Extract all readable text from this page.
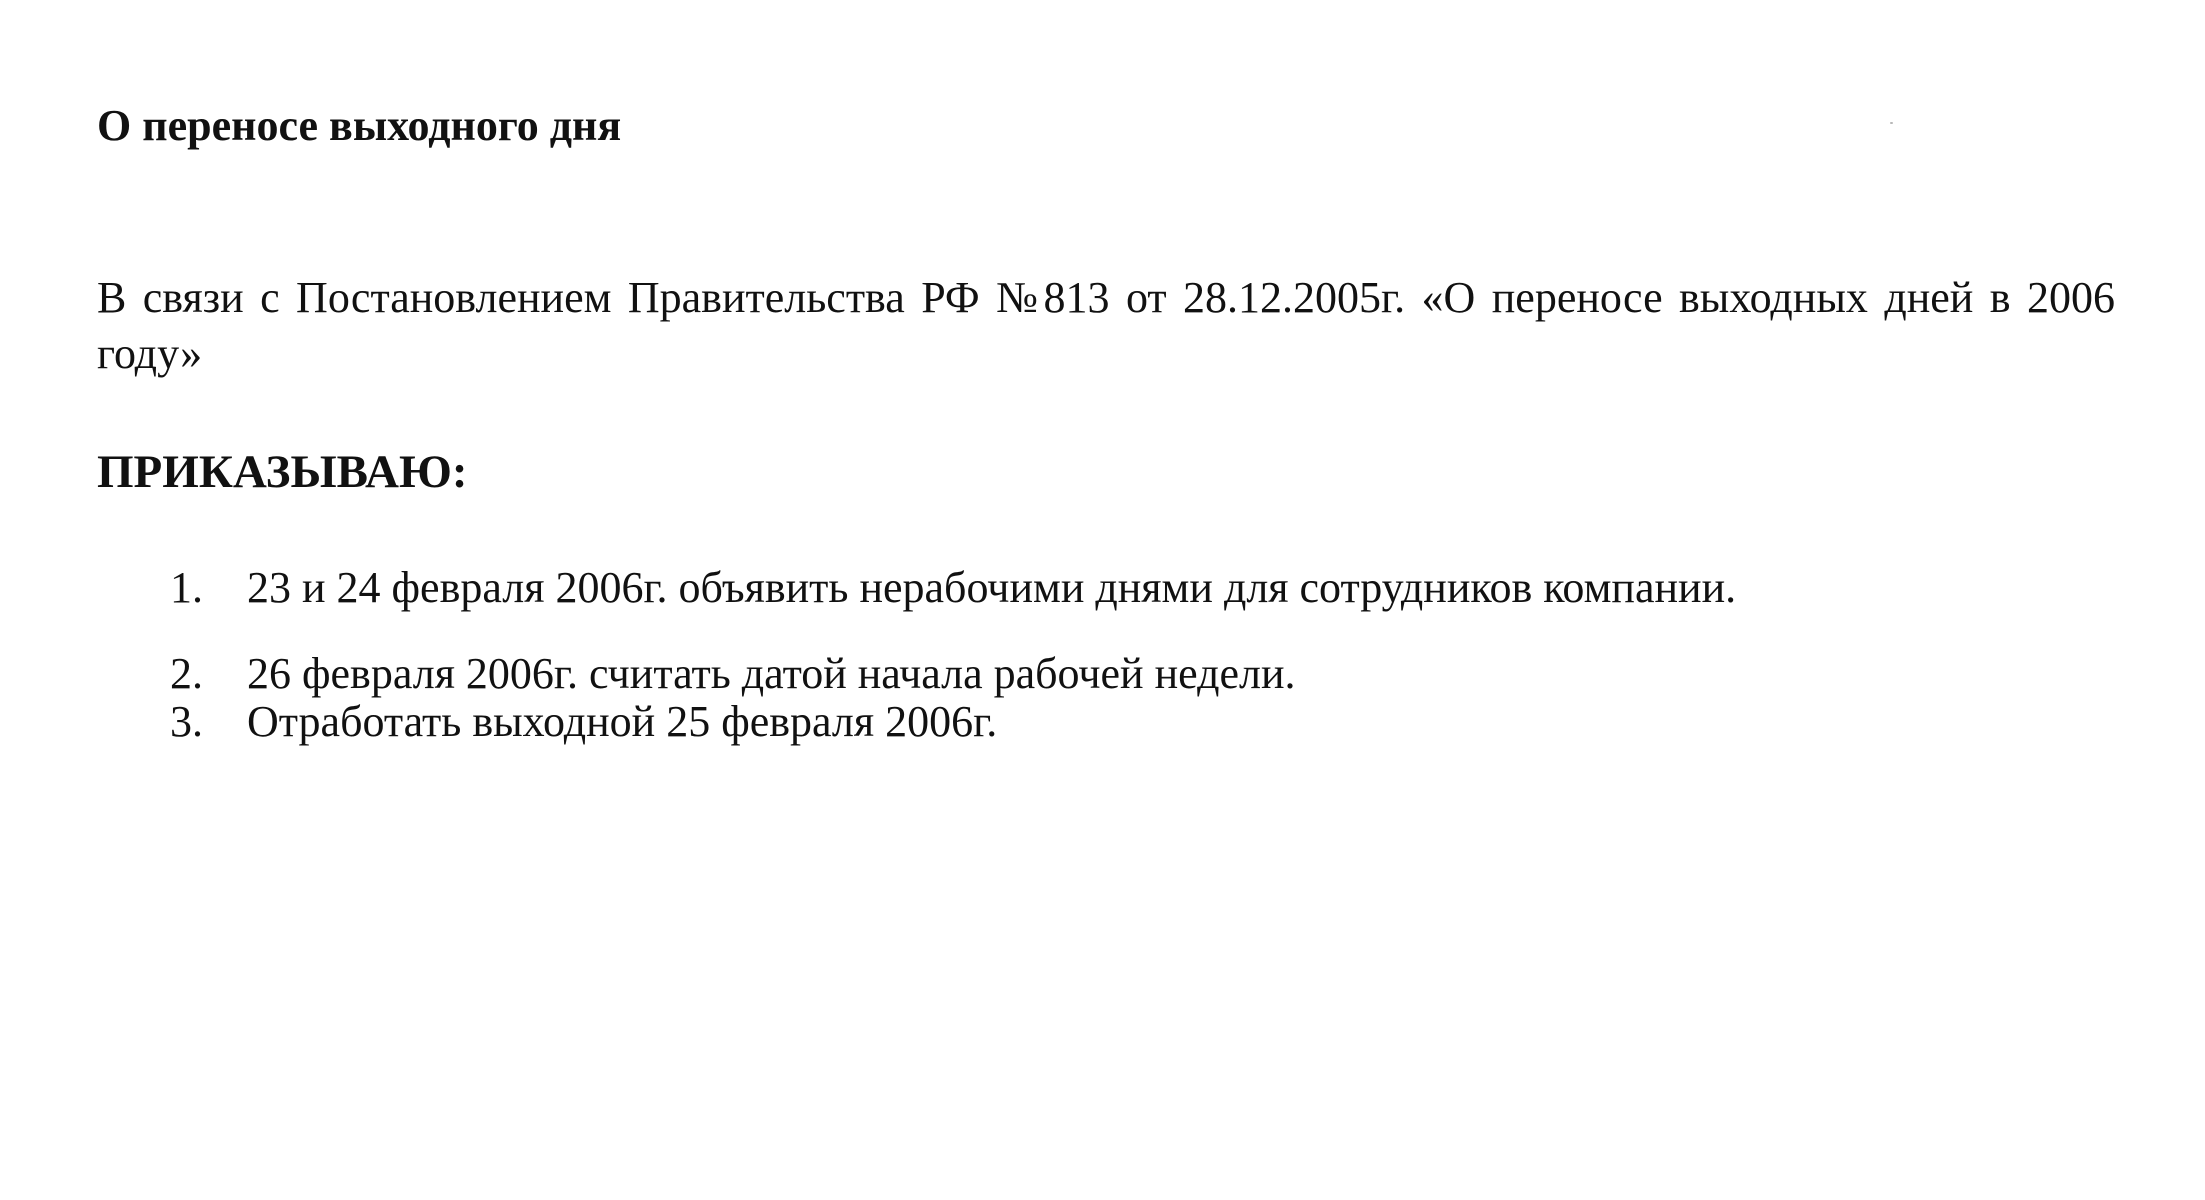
О переносе выходного дня

В связи с Постановлением Правительства РФ №813 от 28.12.2005г. «О переносе выходных дней в 2006 году»

ПРИКАЗЫВАЮ:

1. 23 и 24 февраля 2006г. объявить нерабочими днями для сотрудников компании.
2. 26 февраля 2006г. считать датой начала рабочей недели.
3.    Отработать выходной 25 февраля 2006г.
